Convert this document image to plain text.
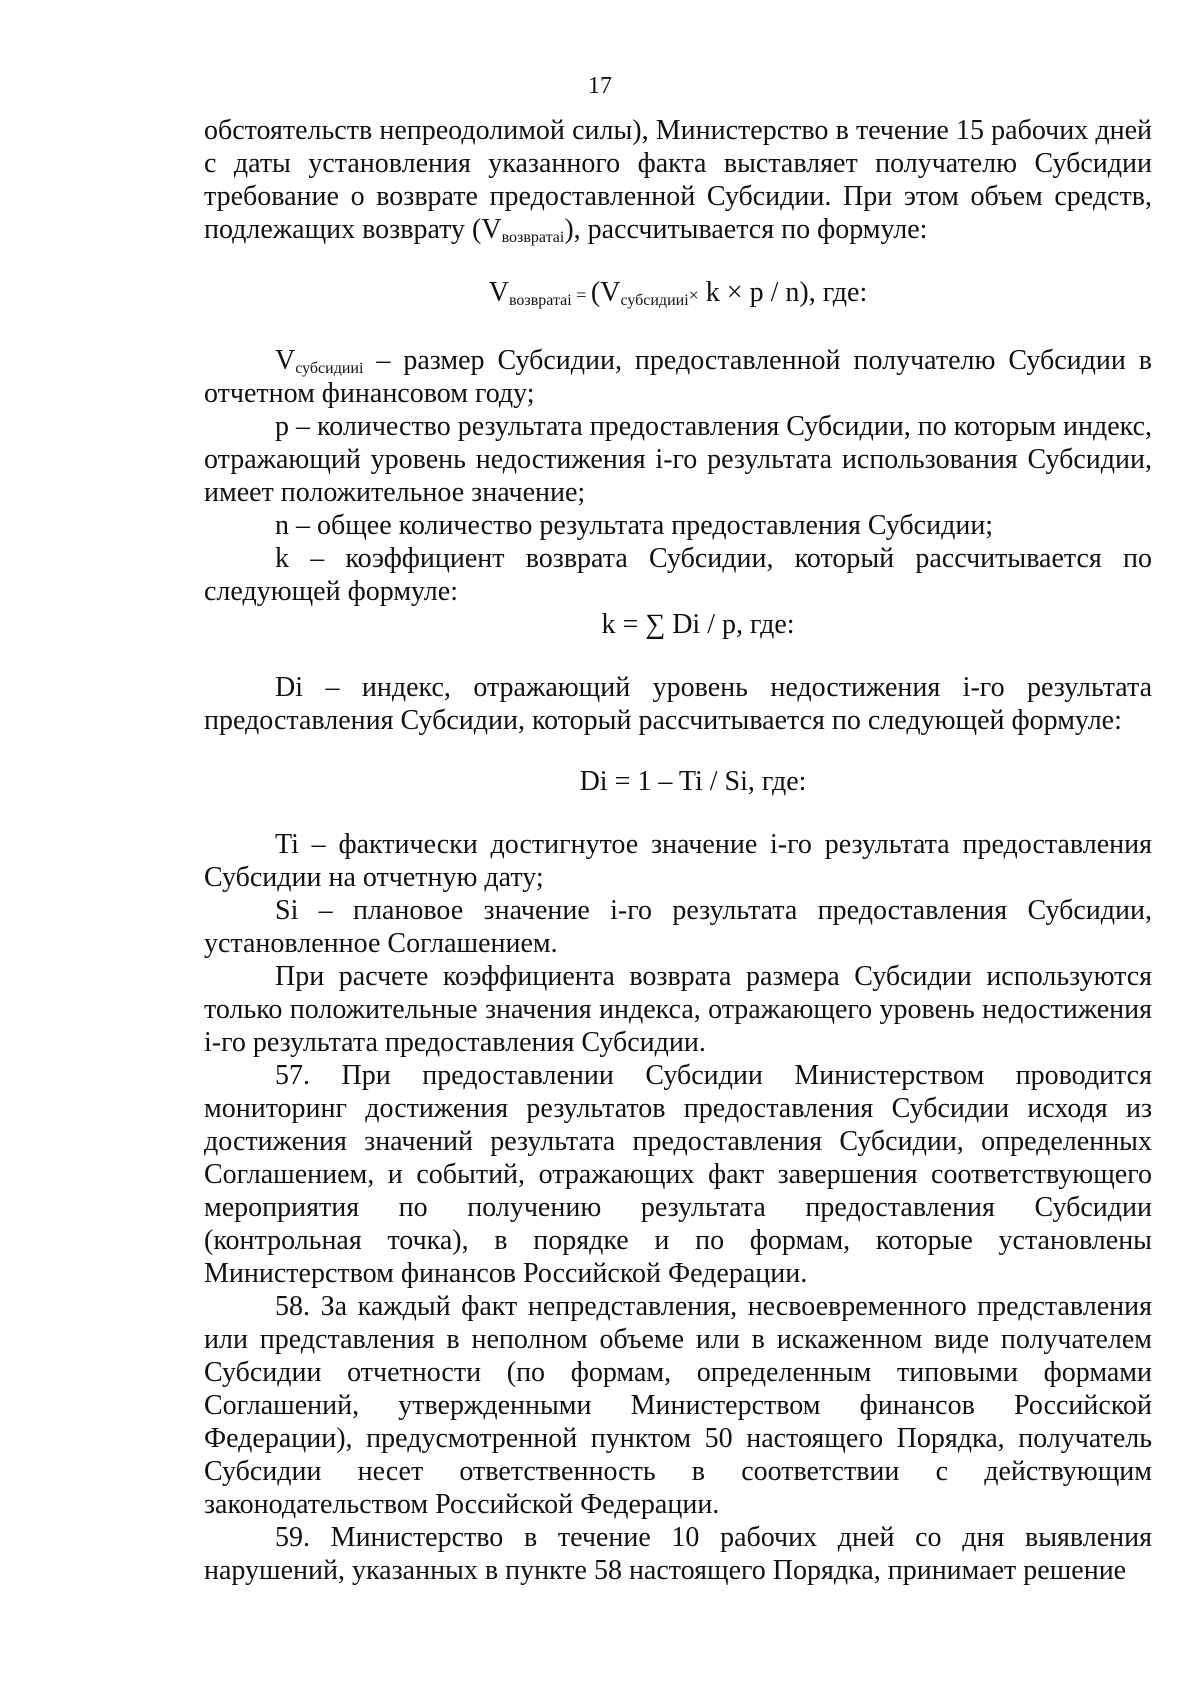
17

обстоятельств непреодолимой силы), Министерство в течение 15 рабочих дней с даты установления указанного факта выставляет получателю Субсидии требование о возврате предоставленной Субсидии. При этом объем средств, подлежащих возврату $(V_{возвратаi})$, рассчитывается по формуле:

$V_{возвратаi} = (V_{субсидииi}\times k \times p / n)$, где:

$V_{субсидииi}$ – размер Субсидии, предоставленной получателю Субсидии в отчетном финансовом году;

p – количество результата предоставления Субсидии, по которым индекс, отражающий уровень недостижения i-го результата использования Субсидии, имеет положительное значение;

n – общее количество результата предоставления Субсидии;

k – коэффициент возврата Субсидии, который рассчитывается по следующей формуле:

k = ∑ Di / p, где:

Di – индекс, отражающий уровень недостижения i-го результата предоставления Субсидии, который рассчитывается по следующей формуле:

Di = 1 – Ti / Si, где:

Ti – фактически достигнутое значение i-го результата предоставления Субсидии на отчетную дату;

Si – плановое значение i-го результата предоставления Субсидии, установленное Соглашением.

При расчете коэффициента возврата размера Субсидии используются только положительные значения индекса, отражающего уровень недостижения i-го результата предоставления Субсидии.

57. При предоставлении Субсидии Министерством проводится мониторинг достижения результатов предоставления Субсидии исходя из достижения значений результата предоставления Субсидии, определенных Соглашением, и событий, отражающих факт завершения соответствующего мероприятия по получению результата предоставления Субсидии (контрольная точка), в порядке и по формам, которые установлены Министерством финансов Российской Федерации.

58. За каждый факт непредставления, несвоевременного представления или представления в неполном объеме или в искаженном виде получателем Субсидии отчетности (по формам, определенным типовыми формами Соглашений, утвержденными Министерством финансов Российской Федерации), предусмотренной пунктом 50 настоящего Порядка, получатель Субсидии несет ответственность в соответствии с действующим законодательством Российской Федерации.

59. Министерство в течение 10 рабочих дней со дня выявления нарушений, указанных в пункте 58 настоящего Порядка, принимает решение
